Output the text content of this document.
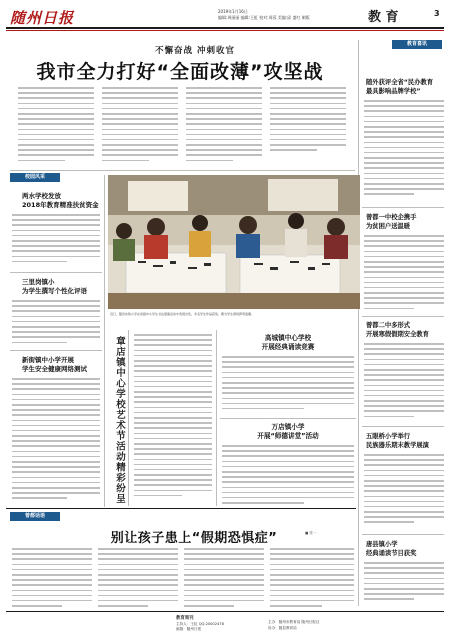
随州日报	2019年1月16日
编辑:周丽丽 编辑:王虹 校对:周蓉 美编:邱 盛红 制版	教 育	3
不懈奋战 冲刺收官
我市全力打好“全面改薄”攻坚战
教育喜讯
随外获评全省“民办教育
最具影响品牌学校”
曾都一中校企携手
为贫困户送温暖
曾都二中多形式
开展寒假假期安全教育
五眼桥小学举行
民族器乐期末教学展演
唐县镇小学
经典诵读节目获奖
校园风采
两水学校发放
2018年教育精准扶贫资金
三里岗镇小
为学生撰写个性化评语
新街镇中小学开展
学生安全健康网络测试
近日，随县实验小学在首届中小学生书法展演活动中表现出色，多名学生作品获奖。图为学生现场挥毫泼墨。
章店镇中心学校艺术节活动精彩纷呈	高城镇中心学校
开展经典诵读竞赛
万店镇小学
开展“师德讲堂”活动
曾都话语
别让孩子患上“假期恐惧症”	■ 张一
教育周刊
主持人：王虹 QQ:20002478
邮箱：随州日报
主办：随州市教育局 随州日报社
协办：随县教育局
